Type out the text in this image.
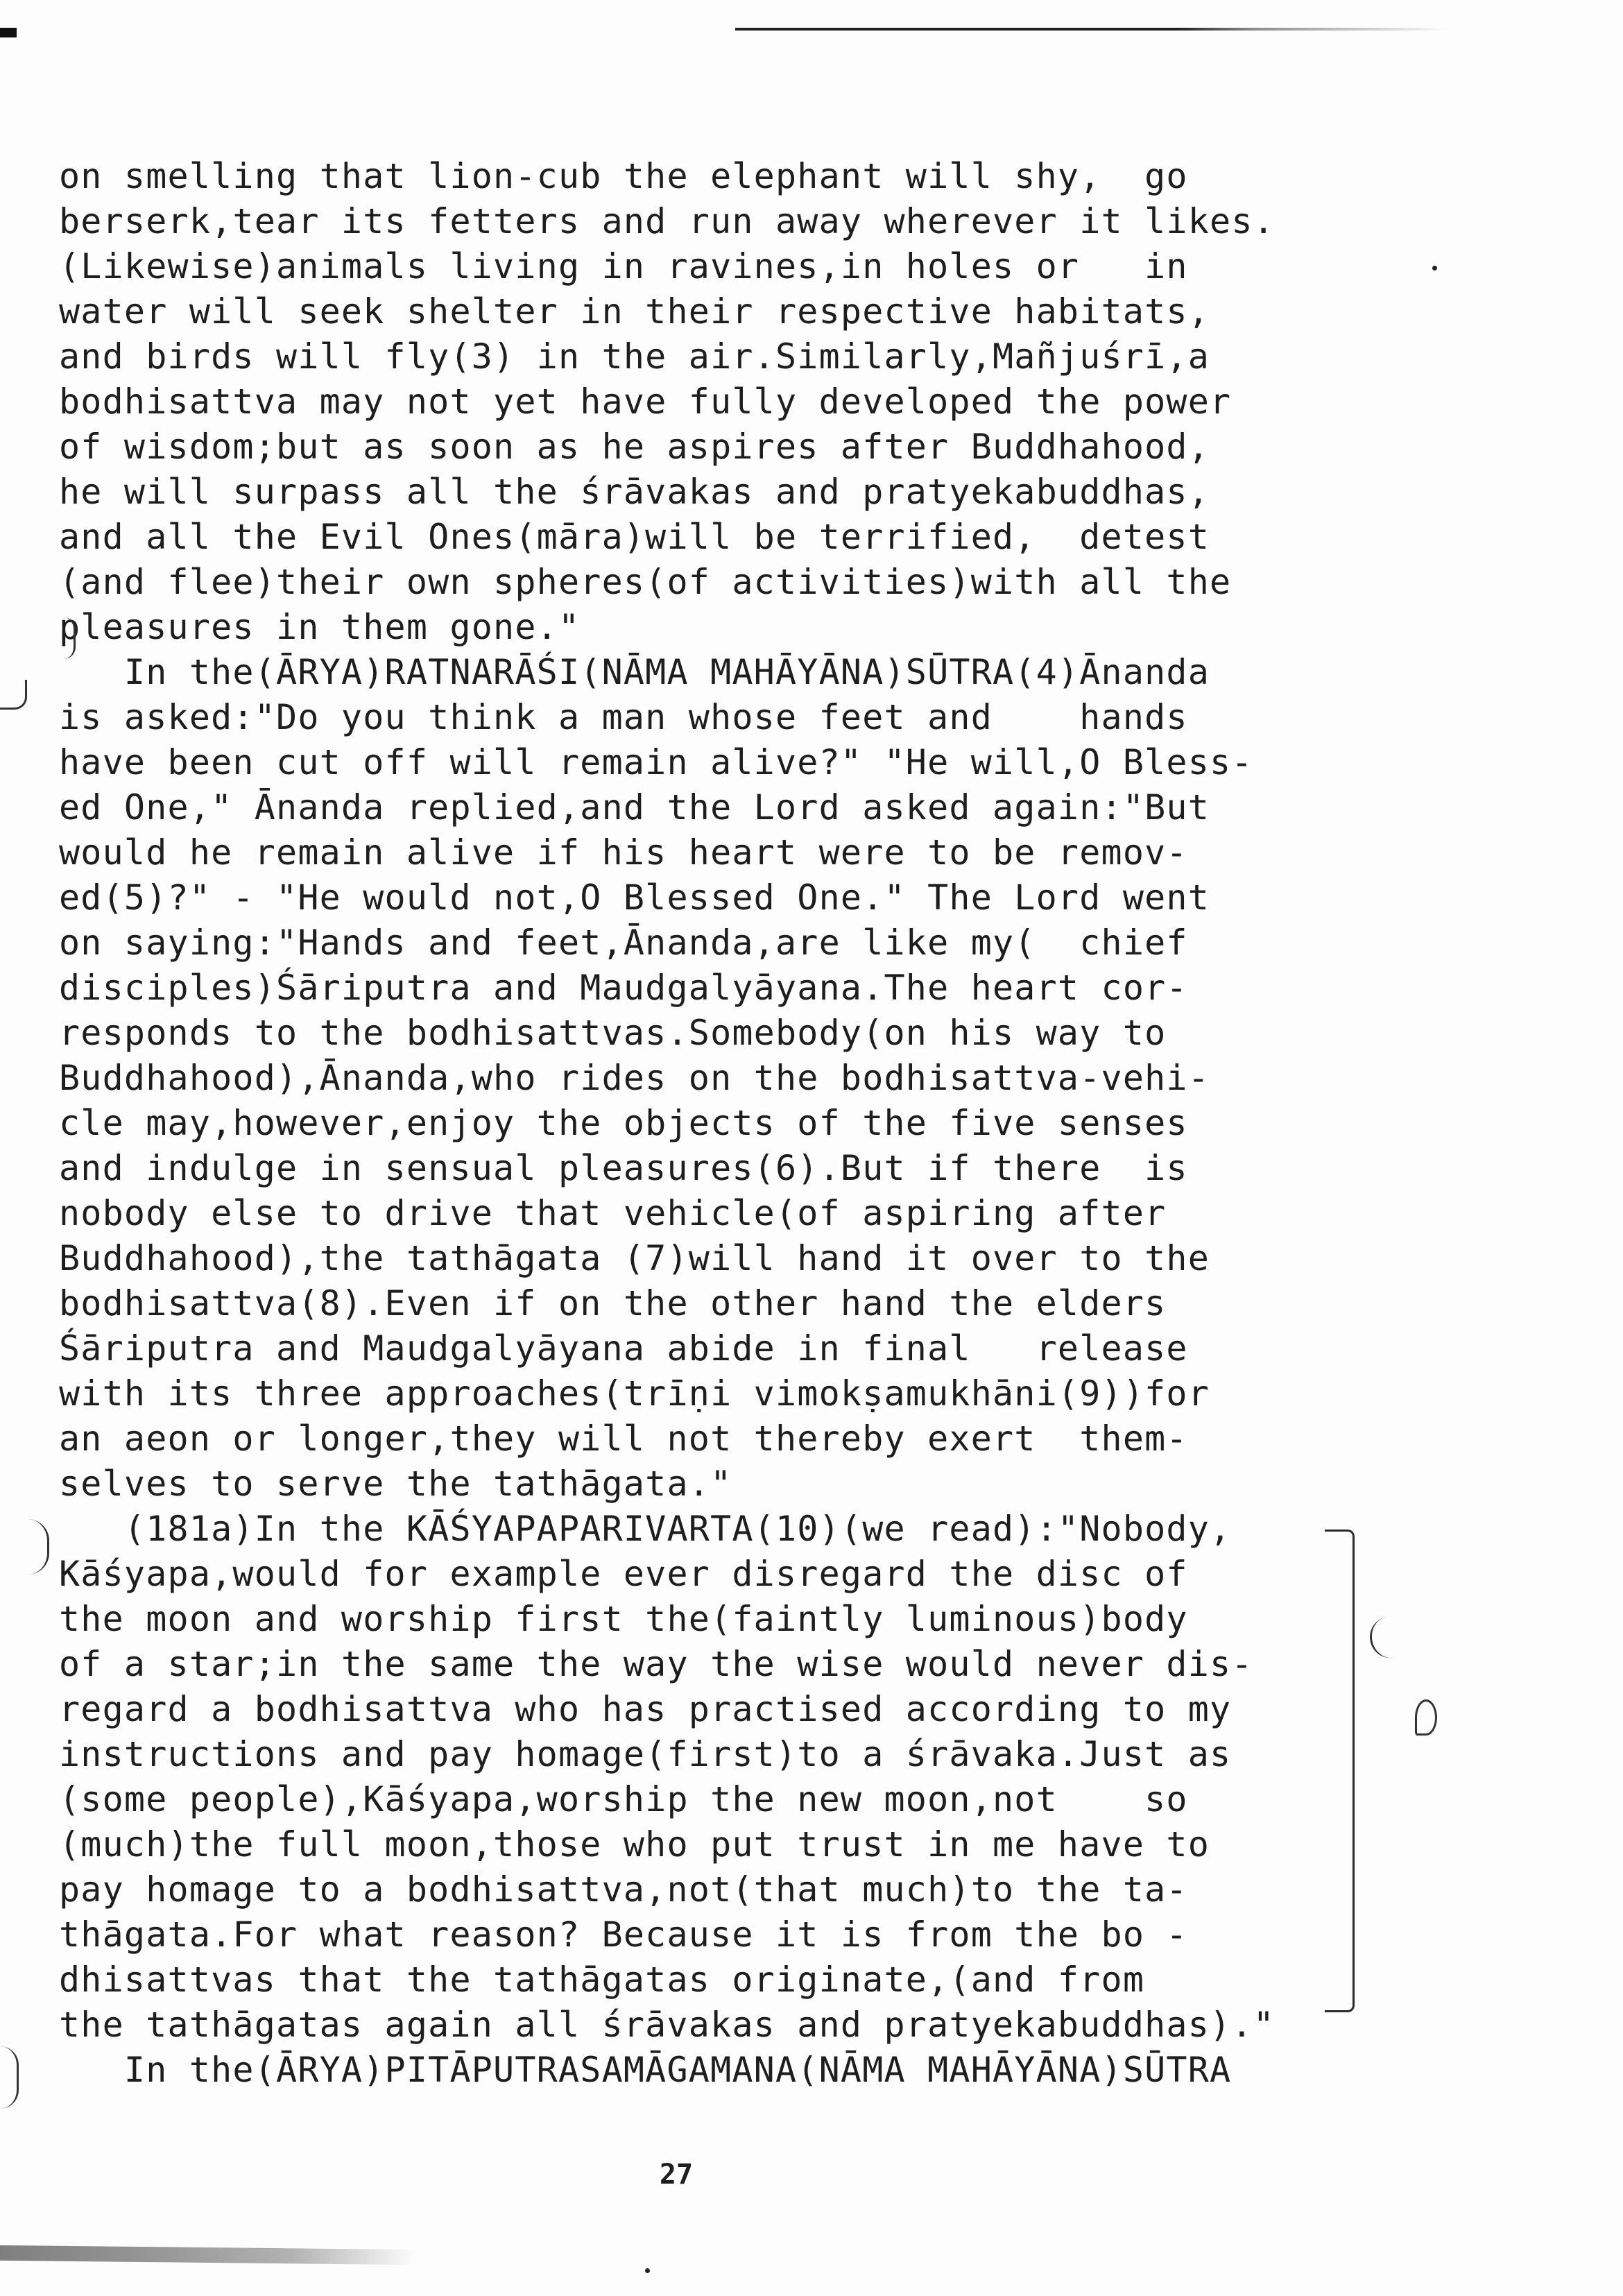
on smelling that lion-cub the elephant will shy,  go
berserk,tear its fetters and run away wherever it likes.
(Likewise)animals living in ravines,in holes or   in
water will seek shelter in their respective habitats,
and birds will fly(3) in the air.Similarly,Mañjuśrī,a
bodhisattva may not yet have fully developed the power
of wisdom;but as soon as he aspires after Buddhahood,
he will surpass all the śrāvakas and pratyekabuddhas,
and all the Evil Ones(māra)will be terrified,  detest
(and flee)their own spheres(of activities)with all the
pleasures in them gone."
In the(ĀRYA)RATNARĀŚI(NĀMA MAHĀYĀNA)SŪTRA(4)Ānanda
is asked:"Do you think a man whose feet and    hands
have been cut off will remain alive?" "He will,O Bless-
ed One," Ānanda replied,and the Lord asked again:"But
would he remain alive if his heart were to be remov-
ed(5)?" - "He would not,O Blessed One." The Lord went
on saying:"Hands and feet,Ānanda,are like my(  chief
disciples)Śāriputra and Maudgalyāyana.The heart cor-
responds to the bodhisattvas.Somebody(on his way to
Buddhahood),Ānanda,who rides on the bodhisattva-vehi-
cle may,however,enjoy the objects of the five senses
and indulge in sensual pleasures(6).But if there  is
nobody else to drive that vehicle(of aspiring after
Buddhahood),the tathāgata (7)will hand it over to the
bodhisattva(8).Even if on the other hand the elders
Śāriputra and Maudgalyāyana abide in final   release
with its three approaches(trīṇi vimokṣamukhāni(9))for
an aeon or longer,they will not thereby exert  them-
selves to serve the tathāgata."
(181a)In the KĀŚYAPAPARIVARTA(10)(we read):"Nobody,
Kāśyapa,would for example ever disregard the disc of
the moon and worship first the(faintly luminous)body
of a star;in the same the way the wise would never dis-
regard a bodhisattva who has practised according to my
instructions and pay homage(first)to a śrāvaka.Just as
(some people),Kāśyapa,worship the new moon,not    so
(much)the full moon,those who put trust in me have to
pay homage to a bodhisattva,not(that much)to the ta-
thāgata.For what reason? Because it is from the bo -
dhisattvas that the tathāgatas originate,(and from
the tathāgatas again all śrāvakas and pratyekabuddhas)."
In the(ĀRYA)PITĀPUTRASAMĀGAMANA(NĀMA MAHĀYĀNA)SŪTRA
27
